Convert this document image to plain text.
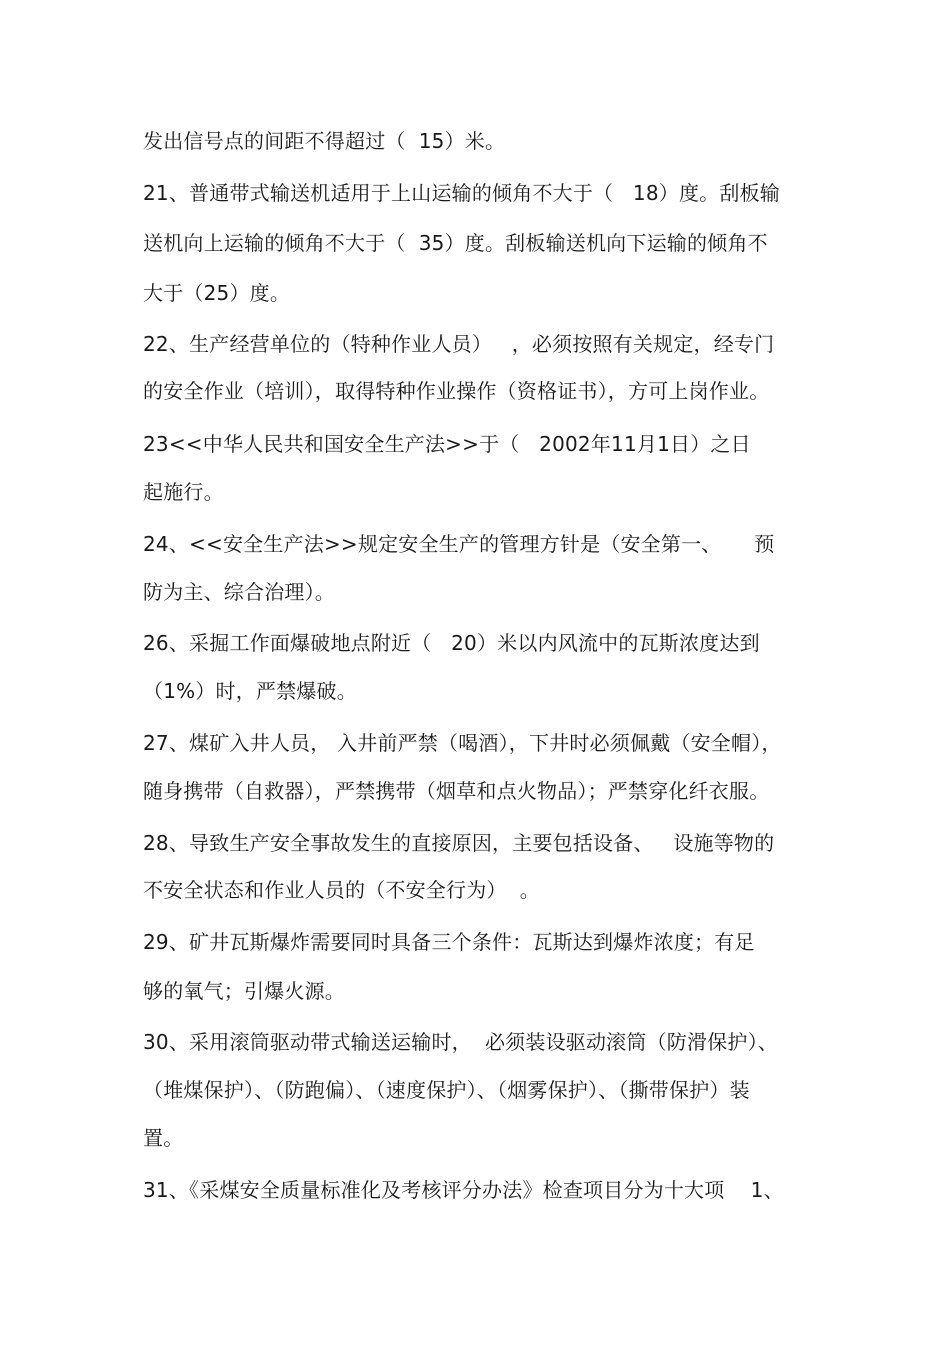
发出信号点的间距不得超过（  15）米。
21、普通带式输送机适用于上山运输的倾角不大于（   18）度。刮板输
送机向上运输的倾角不大于（  35）度。刮板输送机向下运输的倾角不
大于（25）度。
22、生产经营单位的（特种作业人员）   ，必须按照有关规定，经专门
的安全作业（培训），取得特种作业操作（资格证书），方可上岗作业。
23<<中华人民共和国安全生产法>>于（   2002年11月1日）之日
起施行。
24、<<安全生产法>>规定安全生产的管理方针是（安全第一、     预
防为主、综合治理）。
26、采掘工作面爆破地点附近（   20）米以内风流中的瓦斯浓度达到
（1%）时，严禁爆破。
27、煤矿入井人员， 入井前严禁（喝酒），下井时必须佩戴（安全帽），
随身携带（自救器），严禁携带（烟草和点火物品）；严禁穿化纤衣服。
28、导致生产安全事故发生的直接原因，主要包括设备、   设施等物的
不安全状态和作业人员的（不安全行为）  。
29、矿井瓦斯爆炸需要同时具备三个条件：瓦斯达到爆炸浓度；有足
够的氧气；引爆火源。
30、采用滚筒驱动带式输送运输时，  必须装设驱动滚筒（防滑保护）、
（堆煤保护）、（防跑偏）、（速度保护）、（烟雾保护）、（撕带保护）装
置。
31、《采煤安全质量标准化及考核评分办法》检查项目分为十大项    1、
